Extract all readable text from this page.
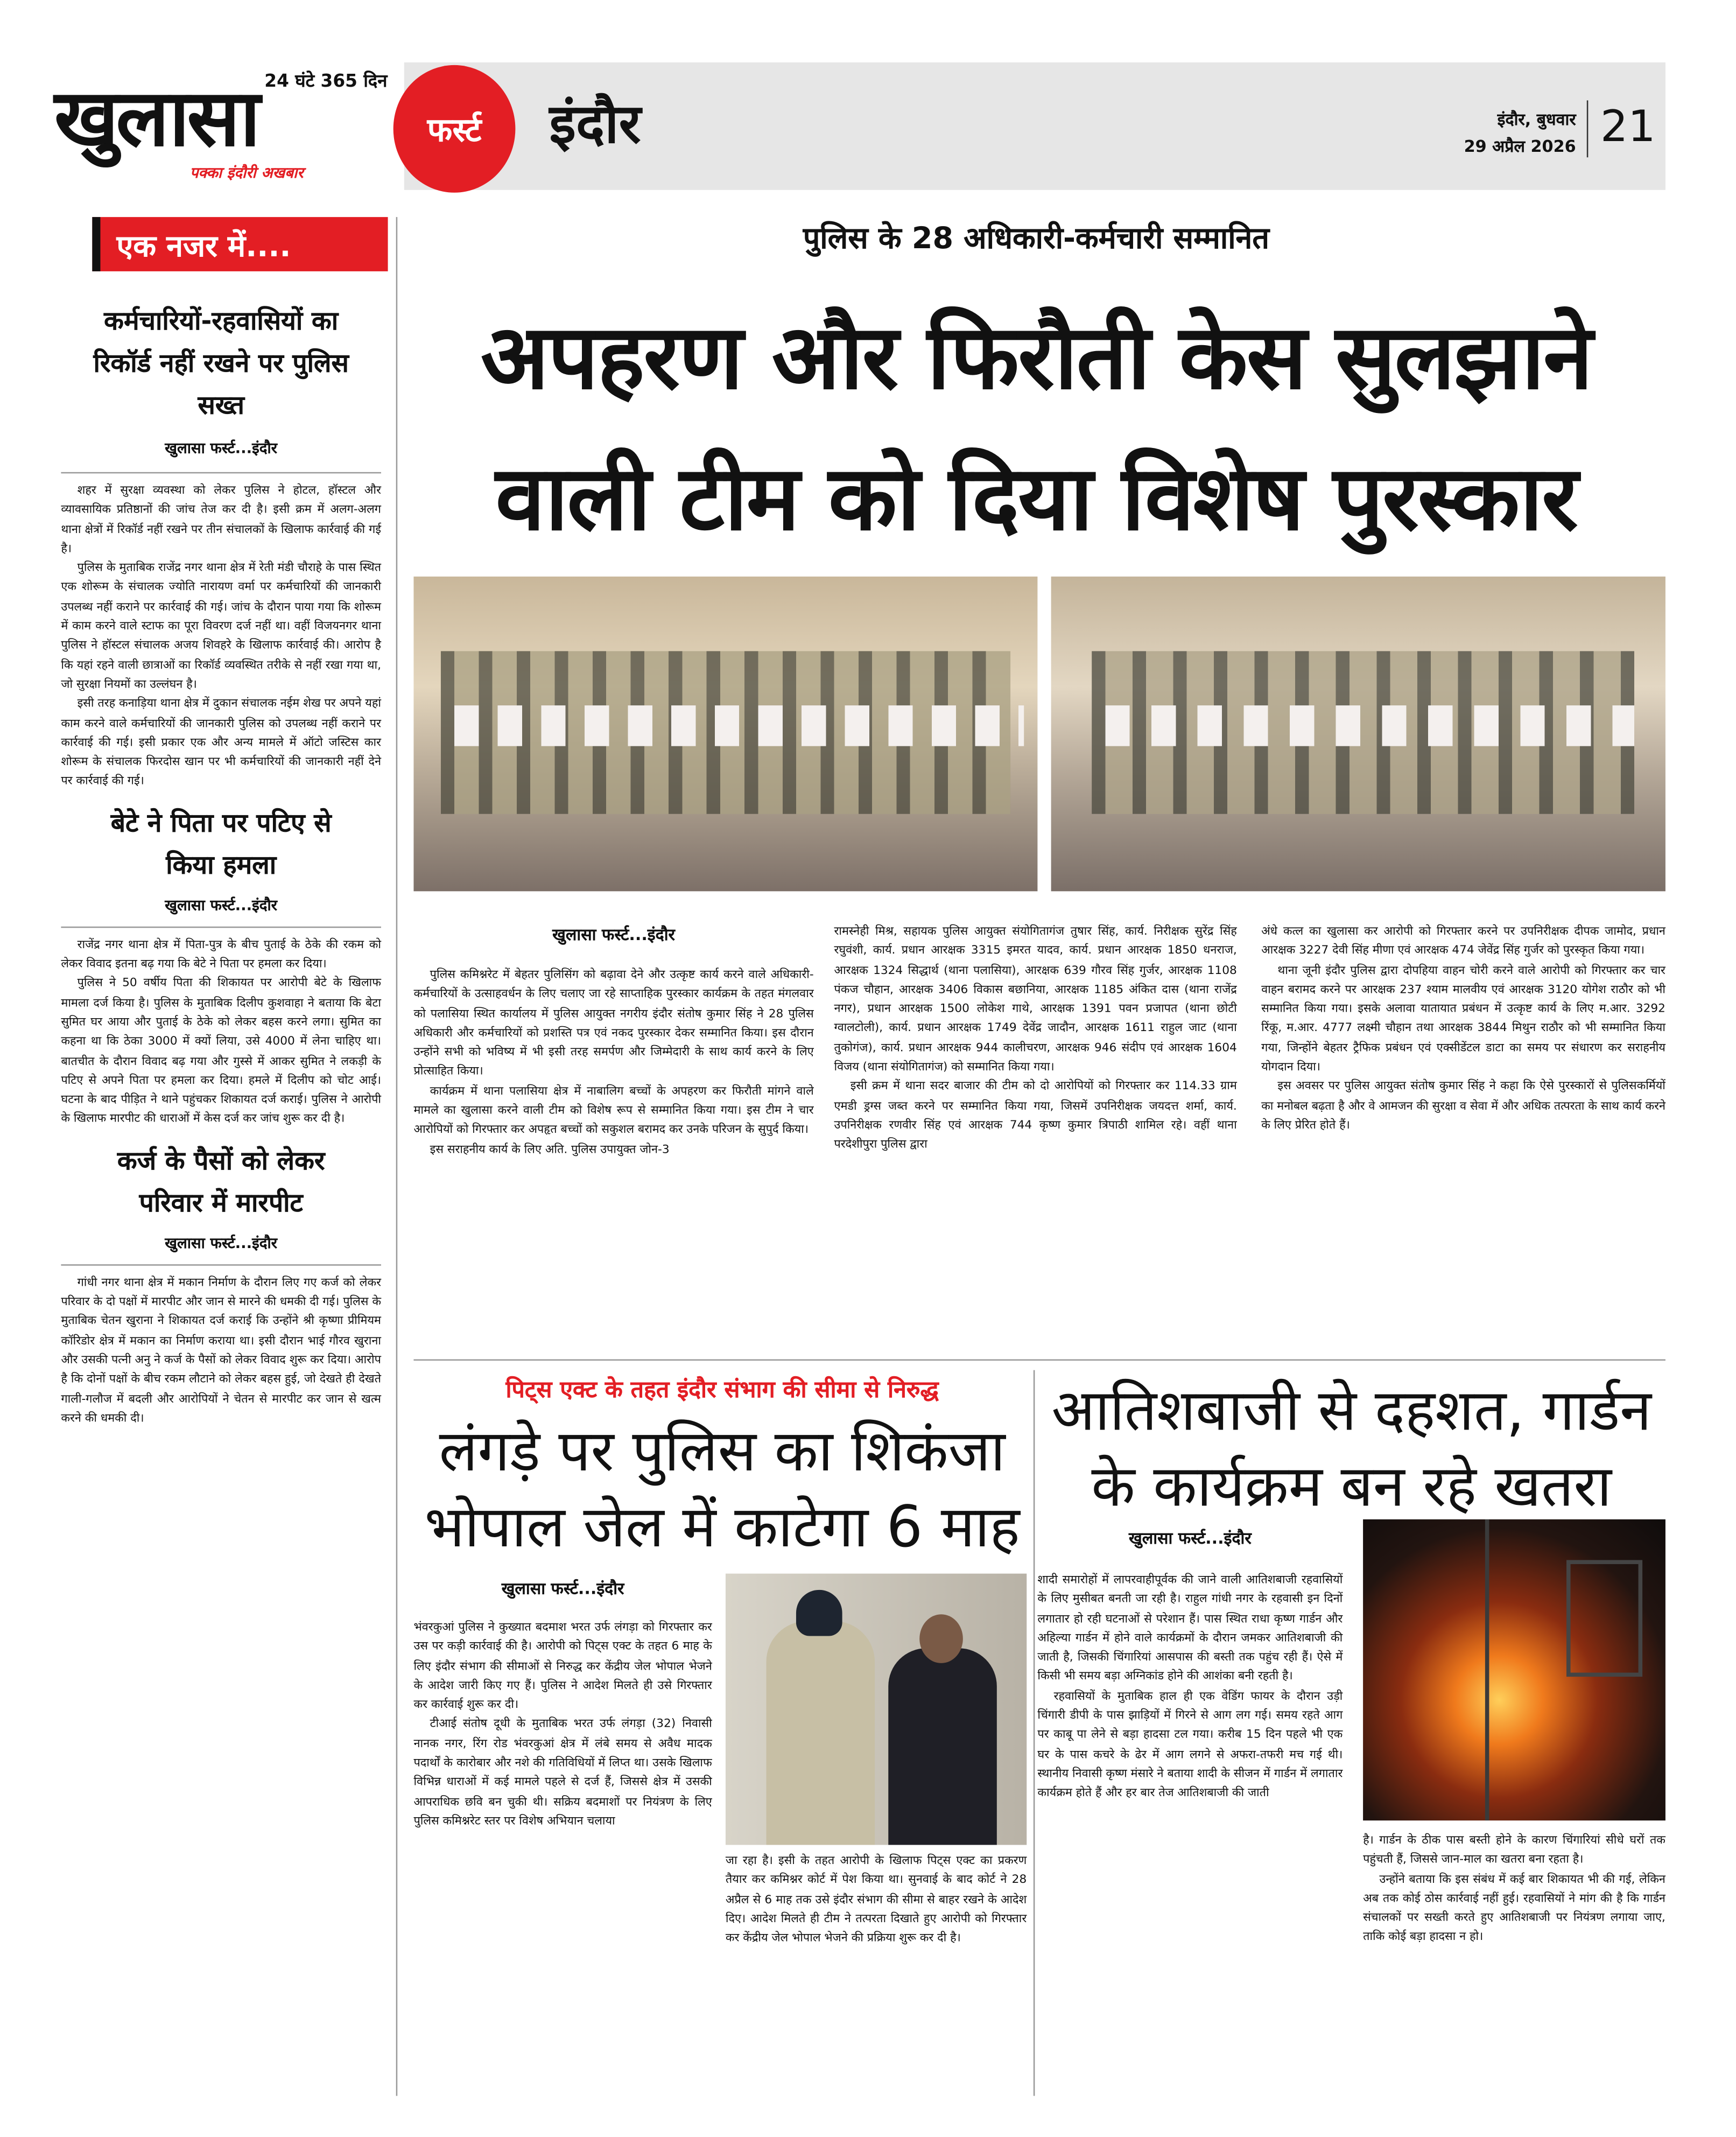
24 घंटे 365 दिन
खुलासा	फर्स्ट
पक्का इंदौरी अखबार
इंदौर	इंदौर, बुधवार
29 अप्रैल 2026 21
एक नजर में....
कर्मचारियों-रहवासियों का रिकॉर्ड नहीं रखने पर पुलिस सख्त
खुलासा फर्स्ट...इंदौर

शहर में सुरक्षा व्यवस्था को लेकर पुलिस ने होटल, हॉस्टल और व्यावसायिक प्रतिष्ठानों की जांच तेज कर दी है। इसी क्रम में अलग-अलग थाना क्षेत्रों में रिकॉर्ड नहीं रखने पर तीन संचालकों के खिलाफ कार्रवाई की गई है।

पुलिस के मुताबिक राजेंद्र नगर थाना क्षेत्र में रेती मंडी चौराहे के पास स्थित एक शोरूम के संचालक ज्योति नारायण वर्मा पर कर्मचारियों की जानकारी उपलब्ध नहीं कराने पर कार्रवाई की गई। जांच के दौरान पाया गया कि शोरूम में काम करने वाले स्टाफ का पूरा विवरण दर्ज नहीं था। वहीं विजयनगर थाना पुलिस ने हॉस्टल संचालक अजय शिवहरे के खिलाफ कार्रवाई की। आरोप है कि यहां रहने वाली छात्राओं का रिकॉर्ड व्यवस्थित तरीके से नहीं रखा गया था, जो सुरक्षा नियमों का उल्लंघन है।

इसी तरह कनाड़िया थाना क्षेत्र में दुकान संचालक नईम शेख पर अपने यहां काम करने वाले कर्मचारियों की जानकारी पुलिस को उपलब्ध नहीं कराने पर कार्रवाई की गई। इसी प्रकार एक और अन्य मामले में ऑटो जस्टिस कार शोरूम के संचालक फिरदोस खान पर भी कर्मचारियों की जानकारी नहीं देने पर कार्रवाई की गई।

बेटे ने पिता पर पटिए से किया हमला
खुलासा फर्स्ट...इंदौर

राजेंद्र नगर थाना क्षेत्र में पिता-पुत्र के बीच पुताई के ठेके की रकम को लेकर विवाद इतना बढ़ गया कि बेटे ने पिता पर हमला कर दिया।

पुलिस ने 50 वर्षीय पिता की शिकायत पर आरोपी बेटे के खिलाफ मामला दर्ज किया है। पुलिस के मुताबिक दिलीप कुशवाहा ने बताया कि बेटा सुमित घर आया और पुताई के ठेके को लेकर बहस करने लगा। सुमित का कहना था कि ठेका 3000 में क्यों लिया, उसे 4000 में लेना चाहिए था। बातचीत के दौरान विवाद बढ़ गया और गुस्से में आकर सुमित ने लकड़ी के पटिए से अपने पिता पर हमला कर दिया। हमले में दिलीप को चोट आई। घटना के बाद पीड़ित ने थाने पहुंचकर शिकायत दर्ज कराई। पुलिस ने आरोपी के खिलाफ मारपीट की धाराओं में केस दर्ज कर जांच शुरू कर दी है।

कर्ज के पैसों को लेकर परिवार में मारपीट
खुलासा फर्स्ट...इंदौर

गांधी नगर थाना क्षेत्र में मकान निर्माण के दौरान लिए गए कर्ज को लेकर परिवार के दो पक्षों में मारपीट और जान से मारने की धमकी दी गई। पुलिस के मुताबिक चेतन खुराना ने शिकायत दर्ज कराई कि उन्होंने श्री कृष्णा प्रीमियम कॉरिडोर क्षेत्र में मकान का निर्माण कराया था। इसी दौरान भाई गौरव खुराना और उसकी पत्नी अनु ने कर्ज के पैसों को लेकर विवाद शुरू कर दिया। आरोप है कि दोनों पक्षों के बीच रकम लौटाने को लेकर बहस हुई, जो देखते ही देखते गाली-गलौज में बदली और आरोपियों ने चेतन से मारपीट कर जान से खत्म करने की धमकी दी।

पुलिस के 28 अधिकारी-कर्मचारी सम्मानित
अपहरण और फिरौती केस सुलझाने
वाली टीम को दिया विशेष पुरस्कार
खुलासा फर्स्ट...इंदौर

पुलिस कमिश्नरेट में बेहतर पुलिसिंग को बढ़ावा देने और उत्कृष्ट कार्य करने वाले अधिकारी-कर्मचारियों के उत्साहवर्धन के लिए चलाए जा रहे साप्ताहिक पुरस्कार कार्यक्रम के तहत मंगलवार को पलासिया स्थित कार्यालय में पुलिस आयुक्त नगरीय इंदौर संतोष कुमार सिंह ने 28 पुलिस अधिकारी और कर्मचारियों को प्रशस्ति पत्र एवं नकद पुरस्कार देकर सम्मानित किया। इस दौरान उन्होंने सभी को भविष्य में भी इसी तरह समर्पण और जिम्मेदारी के साथ कार्य करने के लिए प्रोत्साहित किया।

कार्यक्रम में थाना पलासिया क्षेत्र में नाबालिग बच्चों के अपहरण कर फिरौती मांगने वाले मामले का खुलासा करने वाली टीम को विशेष रूप से सम्मानित किया गया। इस टीम ने चार आरोपियों को गिरफ्तार कर अपहृत बच्चों को सकुशल बरामद कर उनके परिजन के सुपुर्द किया।

इस सराहनीय कार्य के लिए अति. पुलिस उपायुक्त जोन-3

रामस्नेही मिश्र, सहायक पुलिस आयुक्त संयोगितागंज तुषार सिंह, कार्य. निरीक्षक सुरेंद्र सिंह रघुवंशी, कार्य. प्रधान आरक्षक 3315 इमरत यादव, कार्य. प्रधान आरक्षक 1850 धनराज, आरक्षक 1324 सिद्धार्थ (थाना पलासिया), आरक्षक 639 गौरव सिंह गुर्जर, आरक्षक 1108 पंकज चौहान, आरक्षक 3406 विकास बछानिया, आरक्षक 1185 अंकित दास (थाना राजेंद्र नगर), प्रधान आरक्षक 1500 लोकेश गाथे, आरक्षक 1391 पवन प्रजापत (थाना छोटी ग्वालटोली), कार्य. प्रधान आरक्षक 1749 देवेंद्र जादौन, आरक्षक 1611 राहुल जाट (थाना तुकोगंज), कार्य. प्रधान आरक्षक 944 कालीचरण, आरक्षक 946 संदीप एवं आरक्षक 1604 विजय (थाना संयोगितागंज) को सम्मानित किया गया।

इसी क्रम में थाना सदर बाजार की टीम को दो आरोपियों को गिरफ्तार कर 114.33 ग्राम एमडी ड्रग्स जब्त करने पर सम्मानित किया गया, जिसमें उपनिरीक्षक जयदत्त शर्मा, कार्य. उपनिरीक्षक रणवीर सिंह एवं आरक्षक 744 कृष्ण कुमार त्रिपाठी शामिल रहे। वहीं थाना परदेशीपुरा पुलिस द्वारा

अंधे कत्ल का खुलासा कर आरोपी को गिरफ्तार करने पर उपनिरीक्षक दीपक जामोद, प्रधान आरक्षक 3227 देवी सिंह मीणा एवं आरक्षक 474 जेवेंद्र सिंह गुर्जर को पुरस्कृत किया गया।

थाना जूनी इंदौर पुलिस द्वारा दोपहिया वाहन चोरी करने वाले आरोपी को गिरफ्तार कर चार वाहन बरामद करने पर आरक्षक 237 श्याम मालवीय एवं आरक्षक 3120 योगेश राठौर को भी सम्मानित किया गया। इसके अलावा यातायात प्रबंधन में उत्कृष्ट कार्य के लिए म.आर. 3292 रिंकू, म.आर. 4777 लक्ष्मी चौहान तथा आरक्षक 3844 मिथुन राठौर को भी सम्मानित किया गया, जिन्होंने बेहतर ट्रैफिक प्रबंधन एवं एक्सीडेंटल डाटा का समय पर संधारण कर सराहनीय योगदान दिया।

इस अवसर पर पुलिस आयुक्त संतोष कुमार सिंह ने कहा कि ऐसे पुरस्कारों से पुलिसकर्मियों का मनोबल बढ़ता है और वे आमजन की सुरक्षा व सेवा में और अधिक तत्परता के साथ कार्य करने के लिए प्रेरित होते हैं।

पिट्स एक्ट के तहत इंदौर संभाग की सीमा से निरुद्ध
लंगड़े पर पुलिस का शिकंजा
भोपाल जेल में काटेगा 6 माह
खुलासा फर्स्ट...इंदौर

भंवरकुआं पुलिस ने कुख्यात बदमाश भरत उर्फ लंगड़ा को गिरफ्तार कर उस पर कड़ी कार्रवाई की है। आरोपी को पिट्स एक्ट के तहत 6 माह के लिए इंदौर संभाग की सीमाओं से निरुद्ध कर केंद्रीय जेल भोपाल भेजने के आदेश जारी किए गए हैं। पुलिस ने आदेश मिलते ही उसे गिरफ्तार कर कार्रवाई शुरू कर दी।

टीआई संतोष दूधी के मुताबिक भरत उर्फ लंगड़ा (32) निवासी नानक नगर, रिंग रोड भंवरकुआं क्षेत्र में लंबे समय से अवैध मादक पदार्थों के कारोबार और नशे की गतिविधियों में लिप्त था। उसके खिलाफ विभिन्न धाराओं में कई मामले पहले से दर्ज हैं, जिससे क्षेत्र में उसकी आपराधिक छवि बन चुकी थी। सक्रिय बदमाशों पर नियंत्रण के लिए पुलिस कमिश्नरेट स्तर पर विशेष अभियान चलाया

जा रहा है। इसी के तहत आरोपी के खिलाफ पिट्स एक्ट का प्रकरण तैयार कर कमिश्नर कोर्ट में पेश किया था। सुनवाई के बाद कोर्ट ने 28 अप्रैल से 6 माह तक उसे इंदौर संभाग की सीमा से बाहर रखने के आदेश दिए। आदेश मिलते ही टीम ने तत्परता दिखाते हुए आरोपी को गिरफ्तार कर केंद्रीय जेल भोपाल भेजने की प्रक्रिया शुरू कर दी है।

आतिशबाजी से दहशत, गार्डन
के कार्यक्रम बन रहे खतरा
खुलासा फर्स्ट...इंदौर

शादी समारोहों में लापरवाहीपूर्वक की जाने वाली आतिशबाजी रहवासियों के लिए मुसीबत बनती जा रही है। राहुल गांधी नगर के रहवासी इन दिनों लगातार हो रही घटनाओं से परेशान हैं। पास स्थित राधा कृष्ण गार्डन और अहिल्या गार्डन में होने वाले कार्यक्रमों के दौरान जमकर आतिशबाजी की जाती है, जिसकी चिंगारियां आसपास की बस्ती तक पहुंच रही हैं। ऐसे में किसी भी समय बड़ा अग्निकांड होने की आशंका बनी रहती है।

रहवासियों के मुताबिक हाल ही एक वेडिंग फायर के दौरान उड़ी चिंगारी डीपी के पास झाड़ियों में गिरने से आग लग गई। समय रहते आग पर काबू पा लेने से बड़ा हादसा टल गया। करीब 15 दिन पहले भी एक घर के पास कचरे के ढेर में आग लगने से अफरा-तफरी मच गई थी। स्थानीय निवासी कृष्ण मंसारे ने बताया शादी के सीजन में गार्डन में लगातार कार्यक्रम होते हैं और हर बार तेज आतिशबाजी की जाती

है। गार्डन के ठीक पास बस्ती होने के कारण चिंगारियां सीधे घरों तक पहुंचती हैं, जिससे जान-माल का खतरा बना रहता है।

उन्होंने बताया कि इस संबंध में कई बार शिकायत भी की गई, लेकिन अब तक कोई ठोस कार्रवाई नहीं हुई। रहवासियों ने मांग की है कि गार्डन संचालकों पर सख्ती करते हुए आतिशबाजी पर नियंत्रण लगाया जाए, ताकि कोई बड़ा हादसा न हो।
